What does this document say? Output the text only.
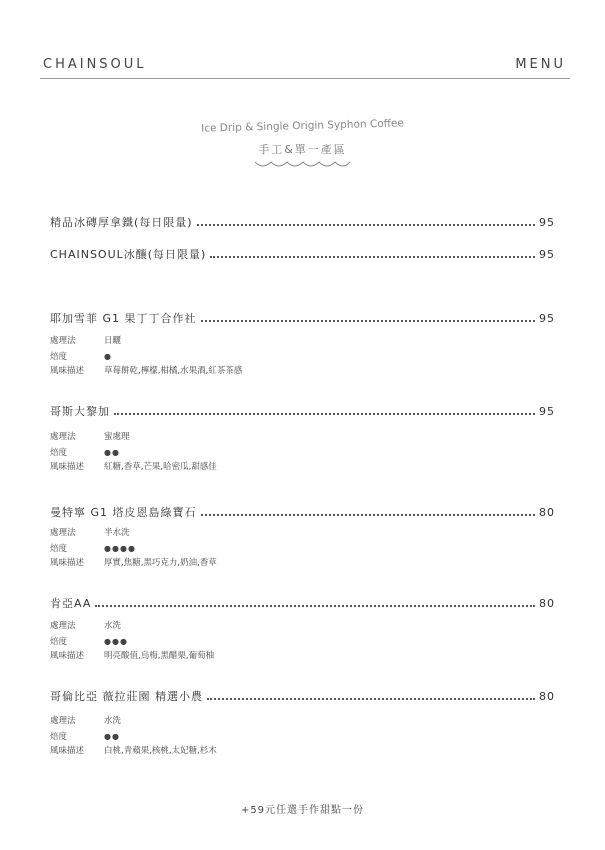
CHAINSOUL	MENU
Ice Drip & Single Origin Syphon Coffee
手工&單一產區
精品冰磚厚拿鐵(每日限量)	95
CHAINSOUL冰釀(每日限量)	95
耶加雪菲 G1 果丁丁合作社	95
處理法	日曬
焙度	●
風味描述 草莓餅乾,檸檬,柑橘,水果酒,紅茶茶感
哥斯大黎加	95
處理法	蜜處理
焙度	●●
風味描述 紅糖,香草,芒果,哈密瓜,甜感佳
曼特寧 G1 塔皮恩島綠寶石	80
處理法	半水洗
焙度	●●●●
風味描述 厚實,焦糖,黑巧克力,奶油,香草
肯亞AA	80
處理法	水洗
焙度	●●●
風味描述 明亮酸值,烏梅,黑醋栗,葡萄柚
哥倫比亞 薇拉莊園 精選小農	80
處理法	水洗
焙度	●●
風味描述 白桃,青蘋果,核桃,太妃糖,杉木
+59元任選手作甜點一份
